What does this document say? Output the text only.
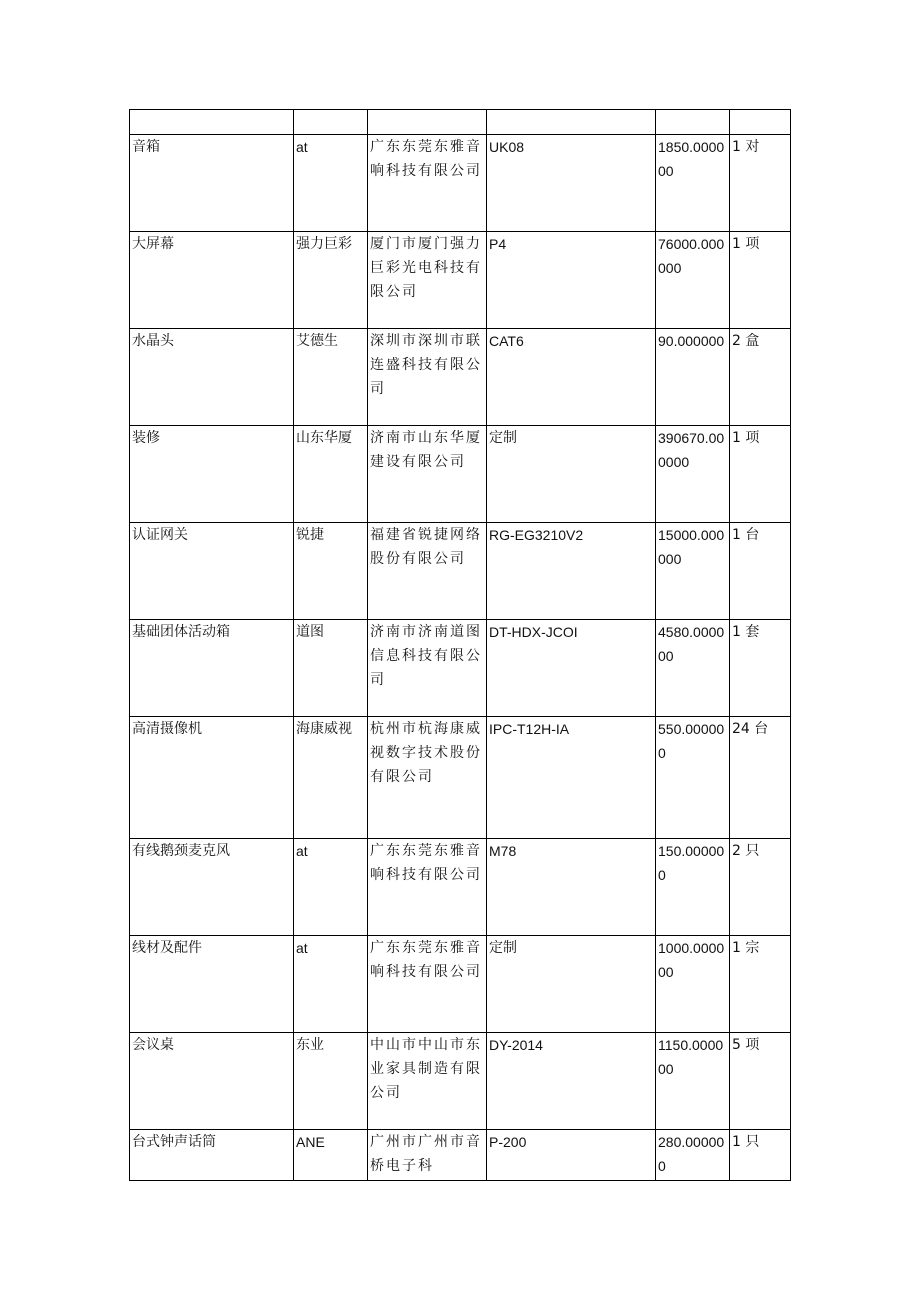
音箱	at	广东东莞东雅音响科技有限公司	UK08	1850.000000	1 对
大屏幕	强力巨彩	厦门市厦门强力巨彩光电科技有限公司	P4	76000.000000	1 项
水晶头	艾德生	深圳市深圳市联连盛科技有限公司	CAT6	90.000000	2 盒
装修	山东华厦	济南市山东华厦建设有限公司	定制	390670.000000	1 项
认证网关	锐捷	福建省锐捷网络股份有限公司	RG-EG3210V2	15000.000000	1 台
基础团体活动箱	道图	济南市济南道图信息科技有限公司	DT-HDX-JCOI	4580.000000	1 套
高清摄像机	海康威视	杭州市杭海康威视数字技术股份有限公司	IPC-T12H-IA	550.000000	24 台
有线鹅颈麦克风	at	广东东莞东雅音响科技有限公司	M78	150.000000	2 只
线材及配件	at	广东东莞东雅音响科技有限公司	定制	1000.000000	1 宗
会议桌	东业	中山市中山市东业家具制造有限公司	DY-2014	1150.000000	5 项
台式钟声话筒	ANE	广州市广州市音桥电子科	P-200	280.000000	1 只
